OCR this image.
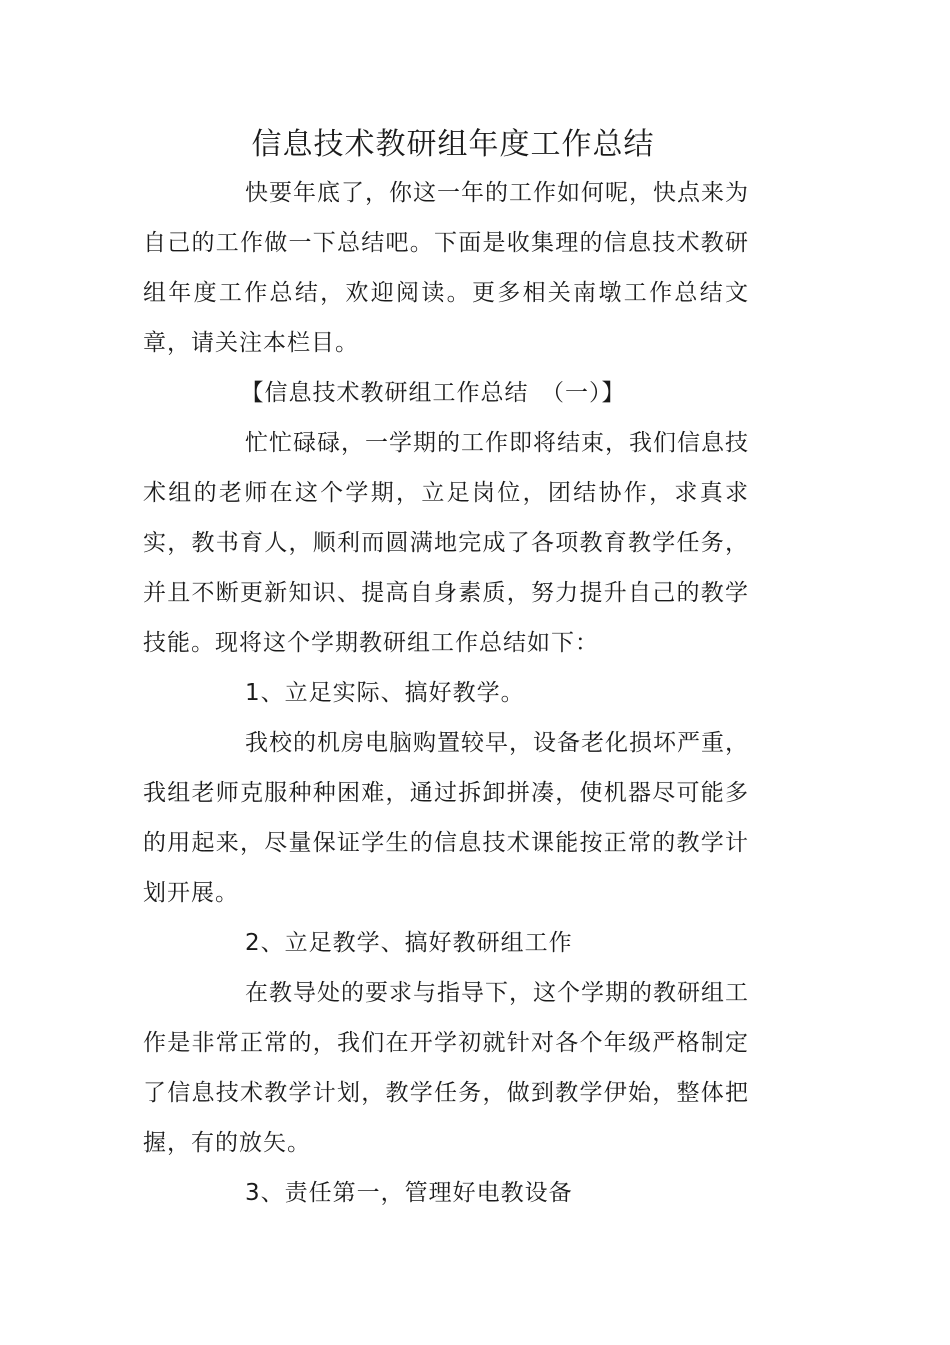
信息技术教研组年度工作总结

快要年底了，你这一年的工作如何呢，快点来为自己的工作做一下总结吧。下面是收集理的信息技术教研组年度工作总结，欢迎阅读。更多相关南墩工作总结文章，请关注本栏目。

【信息技术教研组工作总结　（一）】

忙忙碌碌，一学期的工作即将结束，我们信息技术组的老师在这个学期，立足岗位，团结协作，求真求实，教书育人，顺利而圆满地完成了各项教育教学任务，并且不断更新知识、提高自身素质，努力提升自己的教学技能。现将这个学期教研组工作总结如下：

1、立足实际、搞好教学。

我校的机房电脑购置较早，设备老化损坏严重，我组老师克服种种困难，通过拆卸拼凑，使机器尽可能多的用起来，尽量保证学生的信息技术课能按正常的教学计划开展。

2、立足教学、搞好教研组工作

在教导处的要求与指导下，这个学期的教研组工作是非常正常的，我们在开学初就针对各个年级严格制定了信息技术教学计划，教学任务，做到教学伊始，整体把握，有的放矢。

3、责任第一，管理好电教设备
